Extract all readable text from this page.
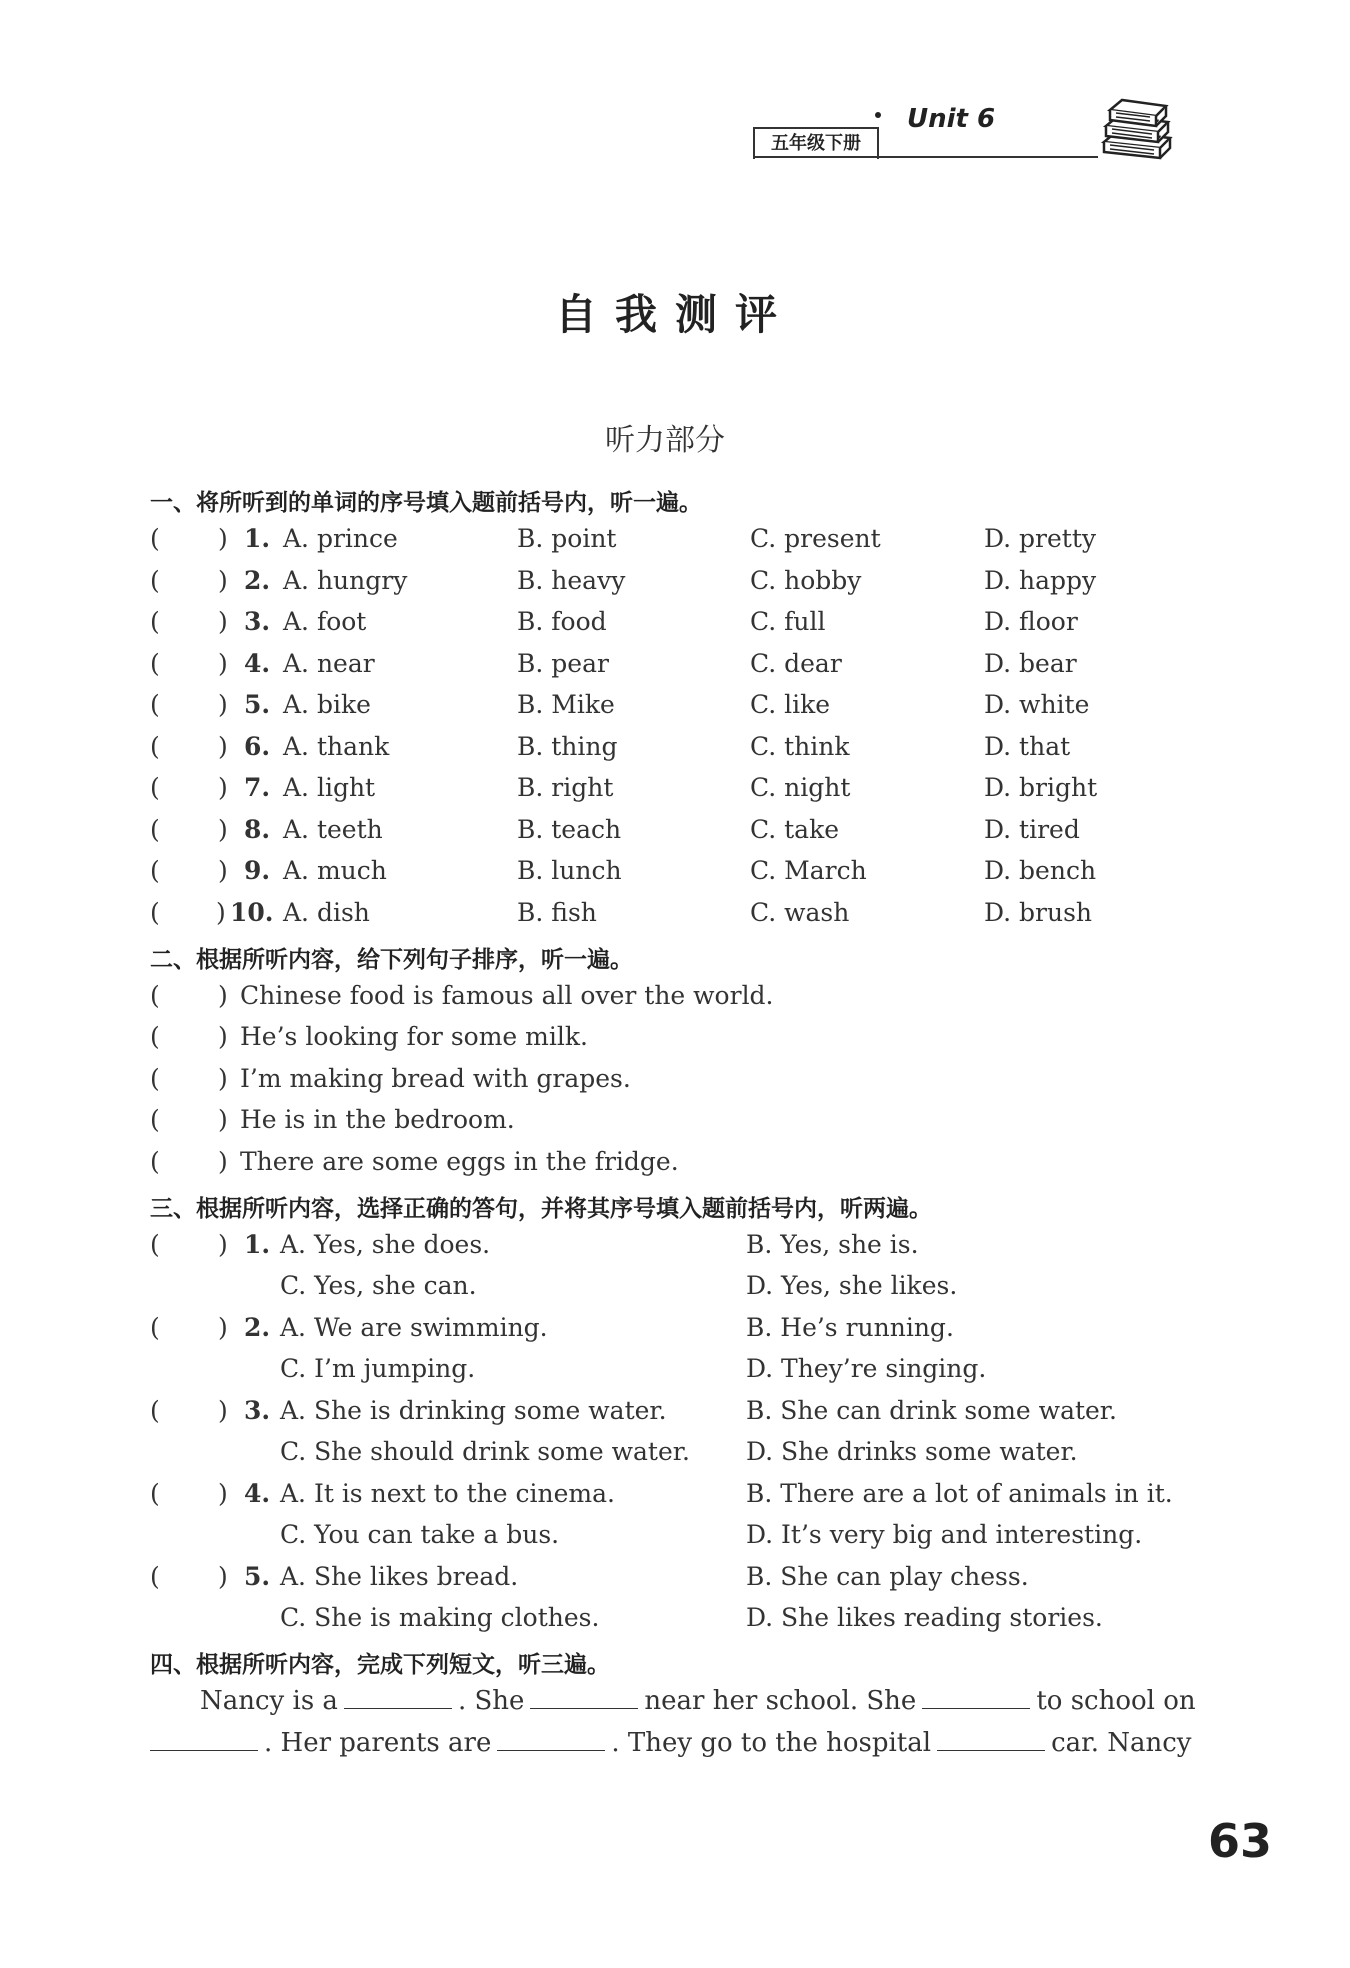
五年级下册
Unit 6
自我测评
听力部分
一、将所听到的单词的序号填入题前括号内，听一遍。
( ) 1. A. prince	B. point	C. present	D. pretty
( ) 2. A. hungry	B. heavy	C. hobby	D. happy
( ) 3. A. foot	B. food	C. full	D. floor
( ) 4. A. near	B. pear	C. dear	D. bear
( ) 5. A. bike	B. Mike	C. like	D. white
( ) 6. A. thank	B. thing	C. think	D. that
( ) 7. A. light	B. right	C. night	D. bright
( ) 8. A. teeth	B. teach	C. take	D. tired
( ) 9. A. much	B. lunch	C. March	D. bench
( ) 10. A. dish	B. fish	C. wash	D. brush
二、根据所听内容，给下列句子排序，听一遍。
( ) Chinese food is famous all over the world.
( ) He’s looking for some milk.
( ) I’m making bread with grapes.
( ) He is in the bedroom.
( ) There are some eggs in the fridge.
三、根据所听内容，选择正确的答句，并将其序号填入题前括号内，听两遍。
( ) 1. A. Yes, she does.	B. Yes, she is.
C. Yes, she can.	D. Yes, she likes.
( ) 2. A. We are swimming.	B. He’s running.
C. I’m jumping.	D. They’re singing.
( ) 3. A. She is drinking some water.	B. She can drink some water.
C. She should drink some water. D. She drinks some water.
( ) 4. A. It is next to the cinema.	B. There are a lot of animals in it.
C. You can take a bus.	D. It’s very big and interesting.
( ) 5. A. She likes bread.	B. She can play chess.
C. She is making clothes.	D. She likes reading stories.
四、根据所听内容，完成下列短文，听三遍。
Nancy is a	. She	near her school. She	to school on
. Her parents are	. They go to the hospital	car. Nancy
63
